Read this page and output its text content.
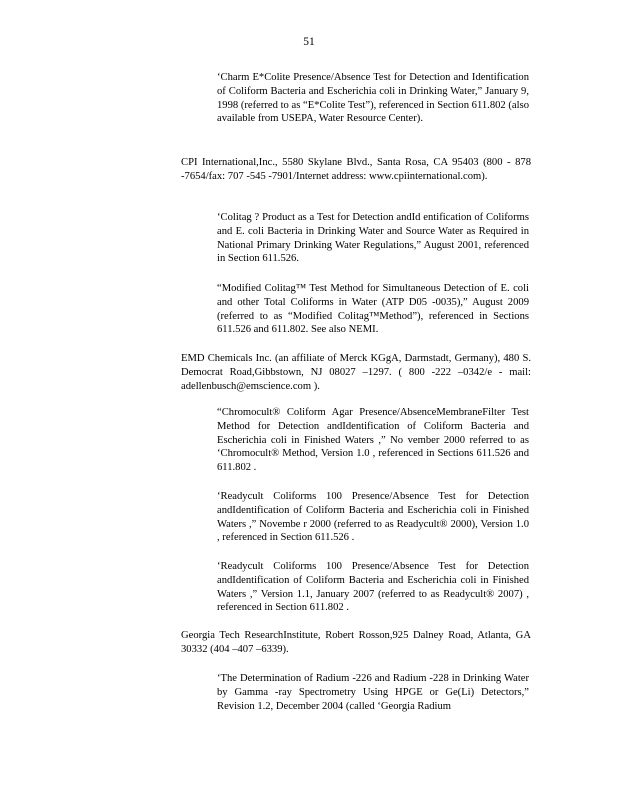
51
‘Charm E*Colite Presence/Absence Test for Detection and Identification of Coliform Bacteria and Escherichia coli in Drinking Water,” January 9, 1998 (referred to as “E*Colite Test”), referenced in Section 611.802 (also available from USEPA, Water Resource Center).
CPI International,Inc., 5580 Skylane Blvd., Santa Rosa, CA 95403 (800 - 878 -7654/fax: 707 -545 -7901/Internet address: www.cpiinternational.com).
‘Colitag ? Product as a Test for Detection andId entification of Coliforms and E. coli Bacteria in Drinking Water and Source Water as Required in National Primary Drinking Water Regulations,” August 2001, referenced in Section 611.526.
“Modified Colitag™ Test Method for Simultaneous Detection of E. coli and other Total Coliforms in Water (ATP D05 -0035),” August 2009 (referred to as “Modified Colitag™Method”), referenced in Sections 611.526 and 611.802. See also NEMI.
EMD Chemicals Inc. (an affiliate of Merck KGgA, Darmstadt, Germany), 480 S. Democrat Road,Gibbstown, NJ 08027 –1297. ( 800 -222 –0342/e - mail: adellenbusch@emscience.com ).
“Chromocult® Coliform Agar Presence/AbsenceMembraneFilter Test Method for Detection andIdentification of Coliform Bacteria and Escherichia coli in Finished Waters ,” No vember 2000 referred to as ‘Chromocult® Method, Version 1.0 , referenced in Sections 611.526 and 611.802 .
‘Readycult Coliforms 100 Presence/Absence Test for Detection andIdentification of Coliform Bacteria and Escherichia coli in Finished Waters ,” Novembe r 2000 (referred to as Readycult® 2000), Version 1.0 , referenced in Section 611.526 .
‘Readycult Coliforms 100 Presence/Absence Test for Detection andIdentification of Coliform Bacteria and Escherichia coli in Finished Waters ,” Version 1.1, January 2007 (referred to as Readycult® 2007) , referenced in Section 611.802 .
Georgia Tech ResearchInstitute, Robert Rosson,925 Dalney Road, Atlanta, GA 30332 (404 –407 –6339).
‘The Determination of Radium -226 and Radium -228 in Drinking Water by Gamma -ray Spectrometry Using HPGE or Ge(Li) Detectors,” Revision 1.2, December 2004 (called ‘Georgia Radium
